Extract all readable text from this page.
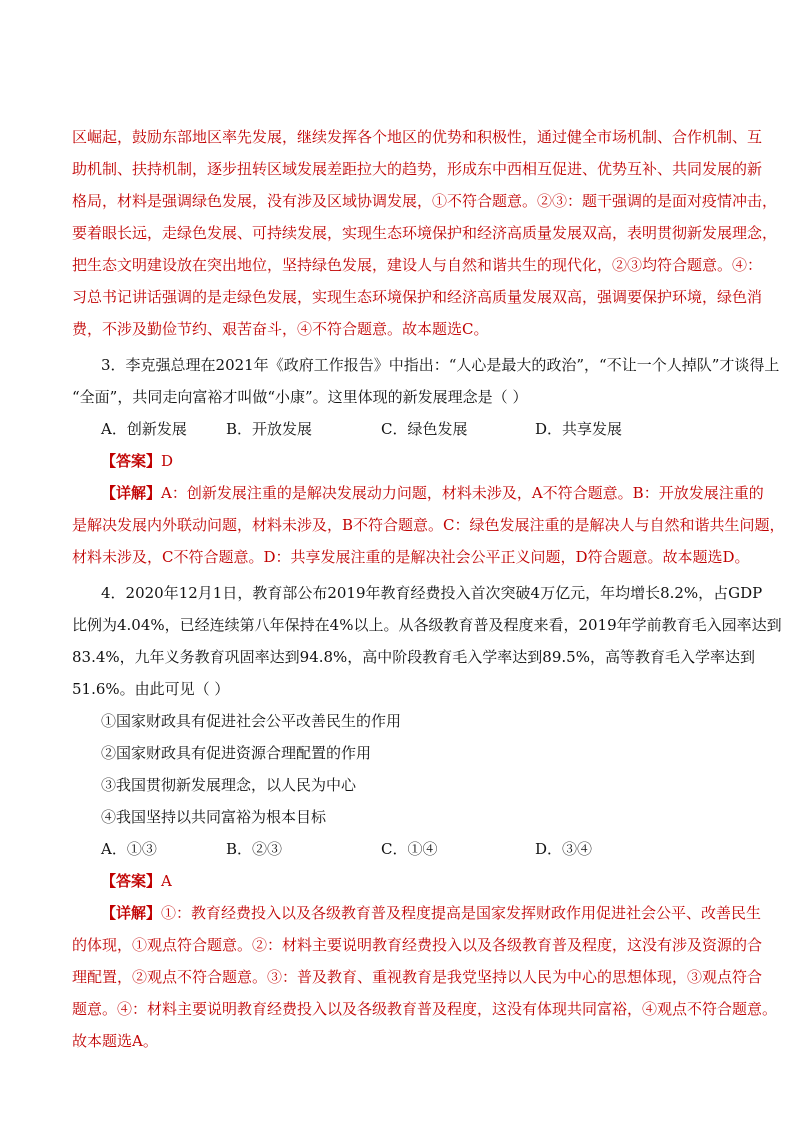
区崛起，鼓励东部地区率先发展，继续发挥各个地区的优势和积极性，通过健全市场机制、合作机制、互
助机制、扶持机制，逐步扭转区域发展差距拉大的趋势，形成东中西相互促进、优势互补、共同发展的新
格局，材料是强调绿色发展，没有涉及区域协调发展，①不符合题意。②③：题干强调的是面对疫情冲击，
要着眼长远，走绿色发展、可持续发展，实现生态环境保护和经济高质量发展双高，表明贯彻新发展理念，
把生态文明建设放在突出地位，坚持绿色发展，建设人与自然和谐共生的现代化，②③均符合题意。④：
习总书记讲话强调的是走绿色发展，实现生态环境保护和经济高质量发展双高，强调要保护环境，绿色消
费，不涉及勤俭节约、艰苦奋斗，④不符合题意。故本题选C。
3．李克强总理在2021年《政府工作报告》中指出：“人心是最大的政治”，“不让一个人掉队”才谈得上
“全面”，共同走向富裕才叫做“小康”。这里体现的新发展理念是（ ）
A．创新发展	B．开放发展	C．绿色发展	D．共享发展
【答案】D
【详解】A：创新发展注重的是解决发展动力问题，材料未涉及，A不符合题意。B：开放发展注重的
是解决发展内外联动问题，材料未涉及，B不符合题意。C：绿色发展注重的是解决人与自然和谐共生问题，
材料未涉及，C不符合题意。D：共享发展注重的是解决社会公平正义问题，D符合题意。故本题选D。
4．2020年12月1日，教育部公布2019年教育经费投入首次突破4万亿元，年均增长8.2%，占GDP
比例为4.04%，已经连续第八年保持在4%以上。从各级教育普及程度来看，2019年学前教育毛入园率达到
83.4%，九年义务教育巩固率达到94.8%，高中阶段教育毛入学率达到89.5%，高等教育毛入学率达到
51.6%。由此可见（ ）
①国家财政具有促进社会公平改善民生的作用
②国家财政具有促进资源合理配置的作用
③我国贯彻新发展理念，以人民为中心
④我国坚持以共同富裕为根本目标
A．①③	B．②③	C．①④	D．③④
【答案】A
【详解】①：教育经费投入以及各级教育普及程度提高是国家发挥财政作用促进社会公平、改善民生
的体现，①观点符合题意。②：材料主要说明教育经费投入以及各级教育普及程度，这没有涉及资源的合
理配置，②观点不符合题意。③：普及教育、重视教育是我党坚持以人民为中心的思想体现，③观点符合
题意。④：材料主要说明教育经费投入以及各级教育普及程度，这没有体现共同富裕，④观点不符合题意。
故本题选A。
